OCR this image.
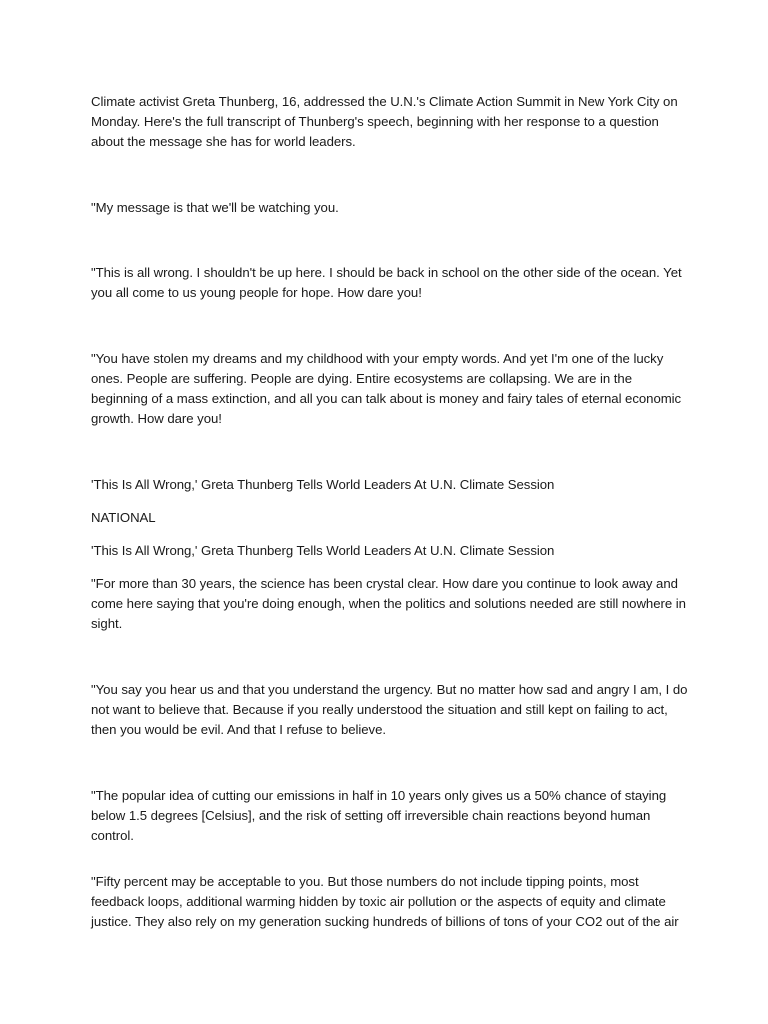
Climate activist Greta Thunberg, 16, addressed the U.N.'s Climate Action Summit in New York City on Monday. Here's the full transcript of Thunberg's speech, beginning with her response to a question about the message she has for world leaders.

"My message is that we'll be watching you.

"This is all wrong. I shouldn't be up here. I should be back in school on the other side of the ocean. Yet you all come to us young people for hope. How dare you!

"You have stolen my dreams and my childhood with your empty words. And yet I'm one of the lucky ones. People are suffering. People are dying. Entire ecosystems are collapsing. We are in the beginning of a mass extinction, and all you can talk about is money and fairy tales of eternal economic growth. How dare you!

'This Is All Wrong,' Greta Thunberg Tells World Leaders At U.N. Climate Session

NATIONAL

'This Is All Wrong,' Greta Thunberg Tells World Leaders At U.N. Climate Session

"For more than 30 years, the science has been crystal clear. How dare you continue to look away and come here saying that you're doing enough, when the politics and solutions needed are still nowhere in sight.

"You say you hear us and that you understand the urgency. But no matter how sad and angry I am, I do not want to believe that. Because if you really understood the situation and still kept on failing to act, then you would be evil. And that I refuse to believe.

"The popular idea of cutting our emissions in half in 10 years only gives us a 50% chance of staying below 1.5 degrees [Celsius], and the risk of setting off irreversible chain reactions beyond human control.

"Fifty percent may be acceptable to you. But those numbers do not include tipping points, most feedback loops, additional warming hidden by toxic air pollution or the aspects of equity and climate justice. They also rely on my generation sucking hundreds of billions of tons of your CO2 out of the air
